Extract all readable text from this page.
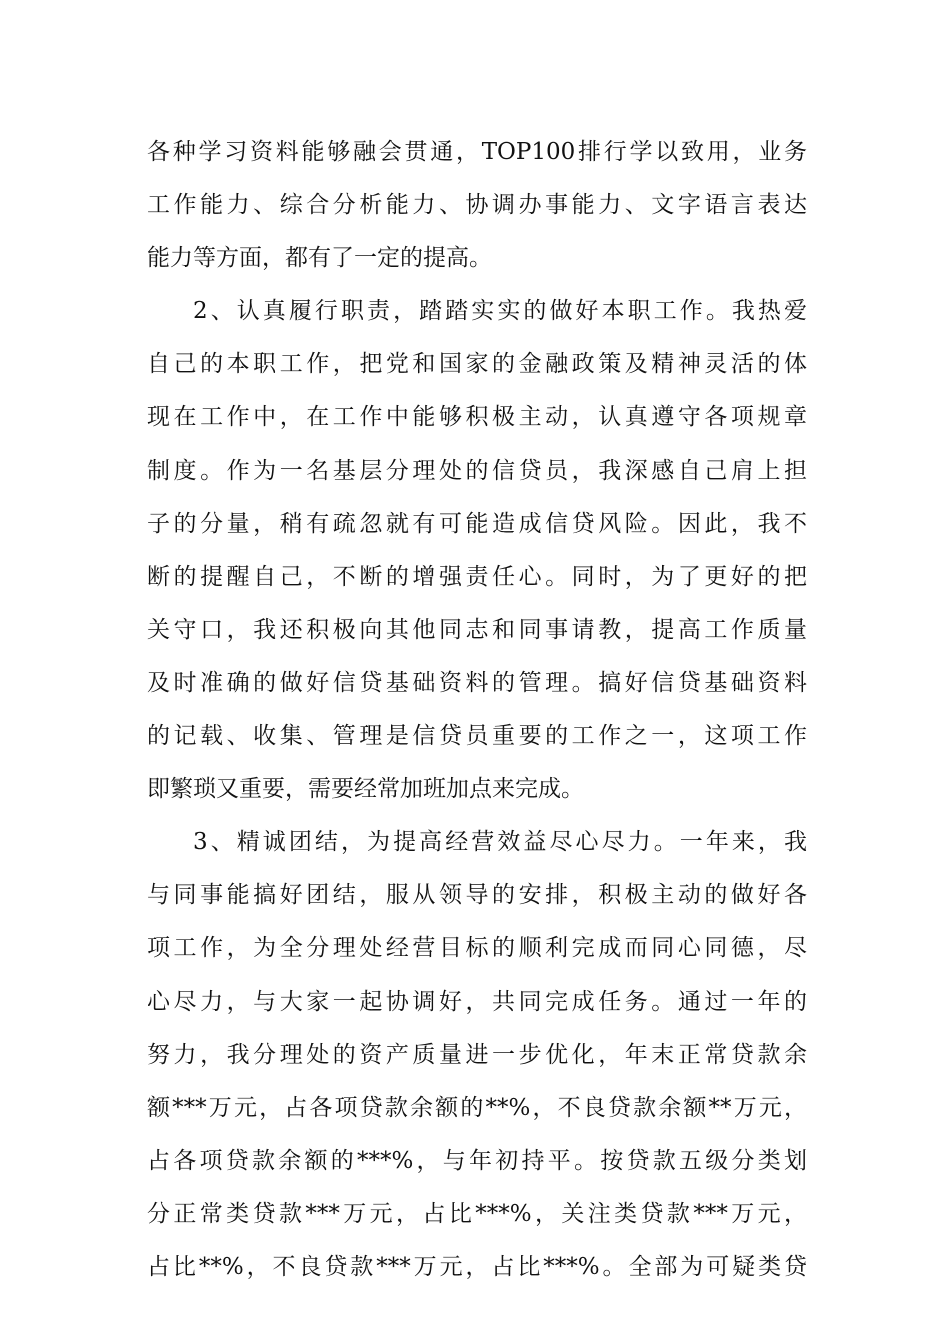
各种学习资料能够融会贯通，TOP100排行学以致用，业务
工作能力、综合分析能力、协调办事能力、文字语言表达
能力等方面，都有了一定的提高。
2、认真履行职责，踏踏实实的做好本职工作。我热爱
自己的本职工作，把党和国家的金融政策及精神灵活的体
现在工作中，在工作中能够积极主动，认真遵守各项规章
制度。作为一名基层分理处的信贷员，我深感自己肩上担
子的分量，稍有疏忽就有可能造成信贷风险。因此，我不
断的提醒自己，不断的增强责任心。同时，为了更好的把
关守口，我还积极向其他同志和同事请教，提高工作质量
及时准确的做好信贷基础资料的管理。搞好信贷基础资料
的记载、收集、管理是信贷员重要的工作之一，这项工作
即繁琐又重要，需要经常加班加点来完成。
3、精诚团结，为提高经营效益尽心尽力。一年来，我
与同事能搞好团结，服从领导的安排，积极主动的做好各
项工作，为全分理处经营目标的顺利完成而同心同德，尽
心尽力，与大家一起协调好，共同完成任务。通过一年的
努力，我分理处的资产质量进一步优化，年末正常贷款余
额***万元，占各项贷款余额的**%，不良贷款余额**万元，
占各项贷款余额的***%，与年初持平。按贷款五级分类划
分正常类贷款***万元，占比***%，关注类贷款***万元，
占比**%，不良贷款***万元，占比***%。全部为可疑类贷
